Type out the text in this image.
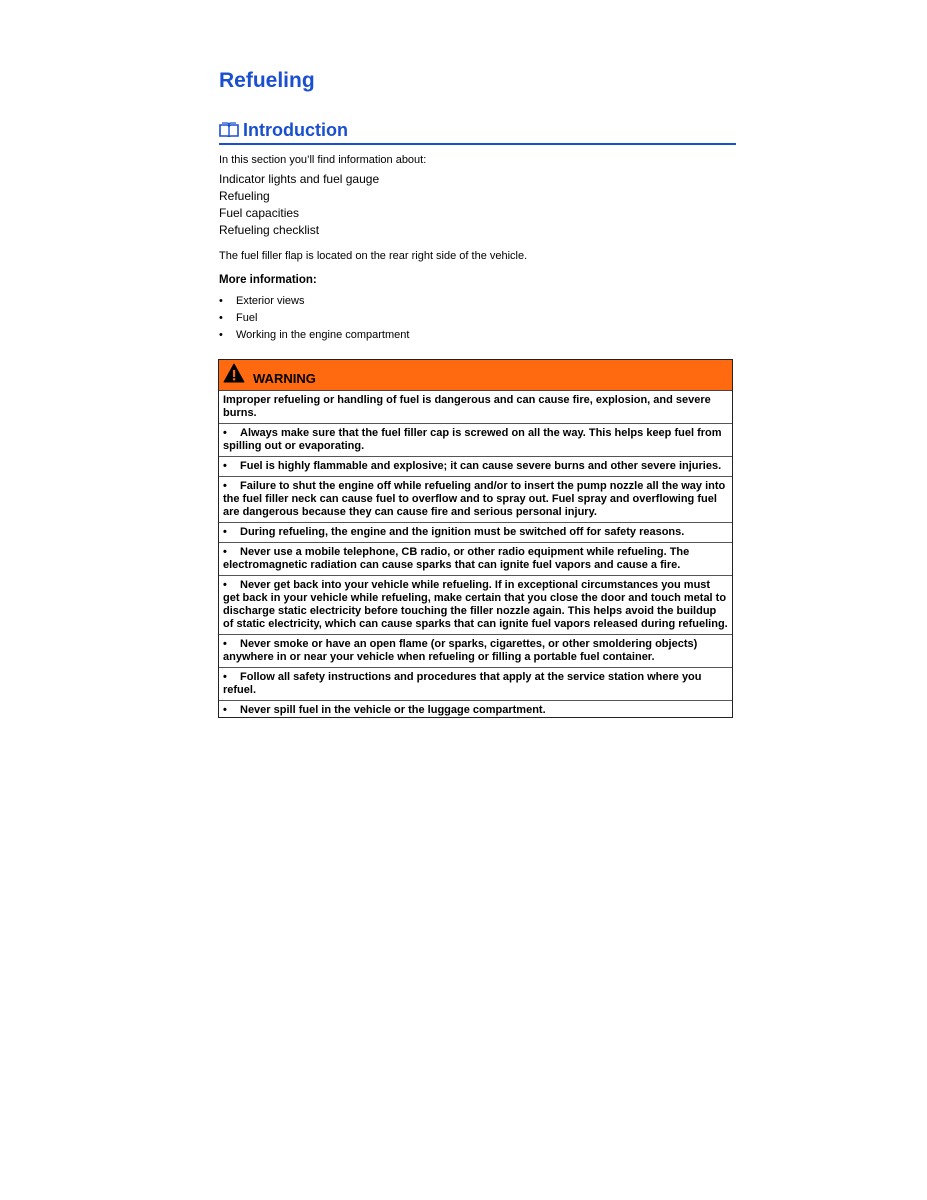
Refueling
Introduction
In this section you’ll find information about:
Indicator lights and fuel gauge
Refueling
Fuel capacities
Refueling checklist
The fuel filler flap is located on the rear right side of the vehicle.
More information:
•	Exterior views
•	Fuel
•	Working in the engine compartment
WARNING
Improper refueling or handling of fuel is dangerous and can cause fire, explosion, and severe burns.
• Always make sure that the fuel filler cap is screwed on all the way. This helps keep fuel from spilling out or evaporating.
• Fuel is highly flammable and explosive; it can cause severe burns and other severe injuries.
• Failure to shut the engine off while refueling and/or to insert the pump nozzle all the way into the fuel filler neck can cause fuel to overflow and to spray out. Fuel spray and overflowing fuel are dangerous because they can cause fire and serious personal injury.
• During refueling, the engine and the ignition must be switched off for safety reasons.
• Never use a mobile telephone, CB radio, or other radio equipment while refueling. The electromagnetic radiation can cause sparks that can ignite fuel vapors and cause a fire.
• Never get back into your vehicle while refueling. If in exceptional circumstances you must get back in your vehicle while refueling, make certain that you close the door and touch metal to discharge static electricity before touching the filler nozzle again. This helps avoid the buildup of static electricity, which can cause sparks that can ignite fuel vapors released during refueling.
• Never smoke or have an open flame (or sparks, cigarettes, or other smoldering objects) anywhere in or near your vehicle when refueling or filling a portable fuel container.
• Follow all safety instructions and procedures that apply at the service station where you refuel.
• Never spill fuel in the vehicle or the luggage compartment.
